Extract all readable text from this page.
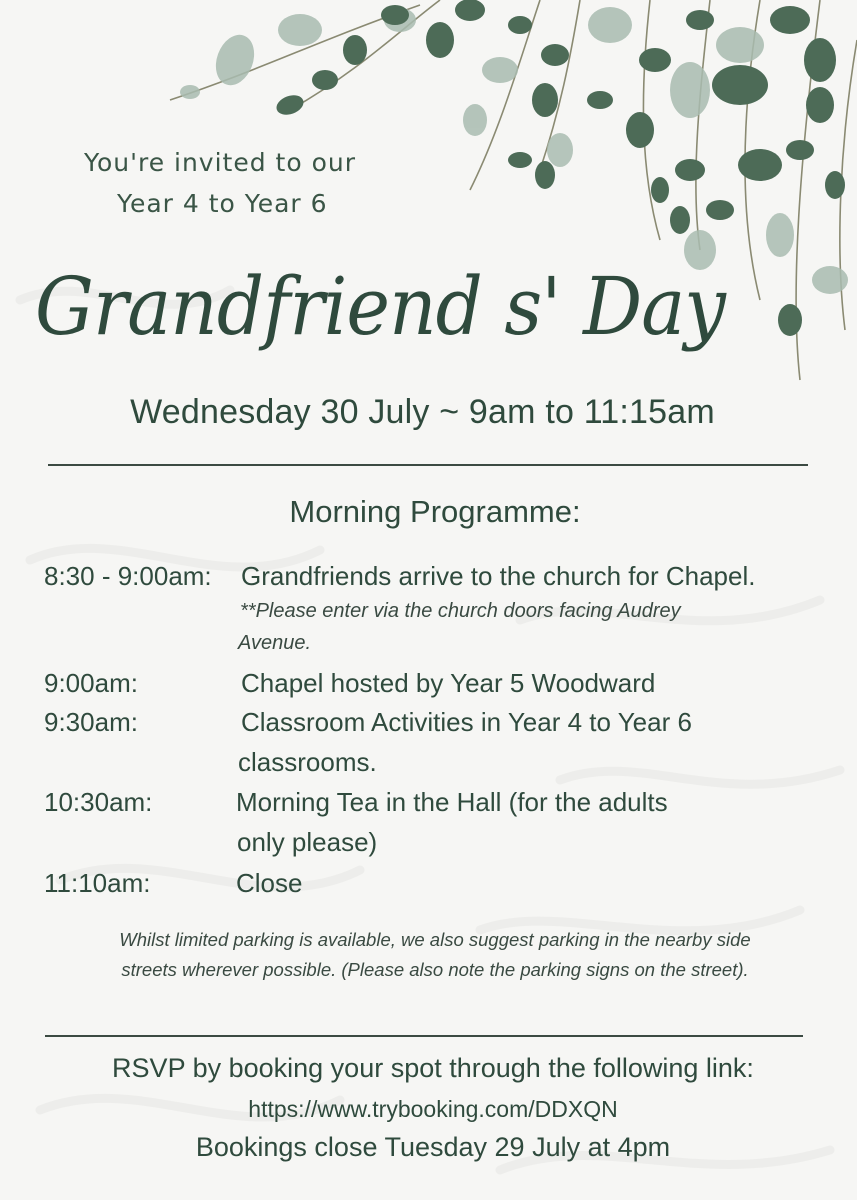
You're invited to our
Year 4 to Year 6
Grandfriend s' Day
Wednesday 30 July ~ 9am to 11:15am
Morning Programme:
8:30 - 9:00am: Grandfriends arrive to the church for Chapel.
**Please enter via the church doors facing Audrey
Avenue.
9:00am:	Chapel hosted by Year 5 Woodward
9:30am:	Classroom Activities in Year 4 to Year 6
classrooms.
10:30am:	Morning Tea in the Hall (for the adults
only please)
11:10am:	Close
Whilst limited parking is available, we also suggest parking in the nearby side
streets wherever possible. (Please also note the parking signs on the street).
RSVP by booking your spot through the following link:
https://www.trybooking.com/DDXQN
Bookings close Tuesday 29 July at 4pm
